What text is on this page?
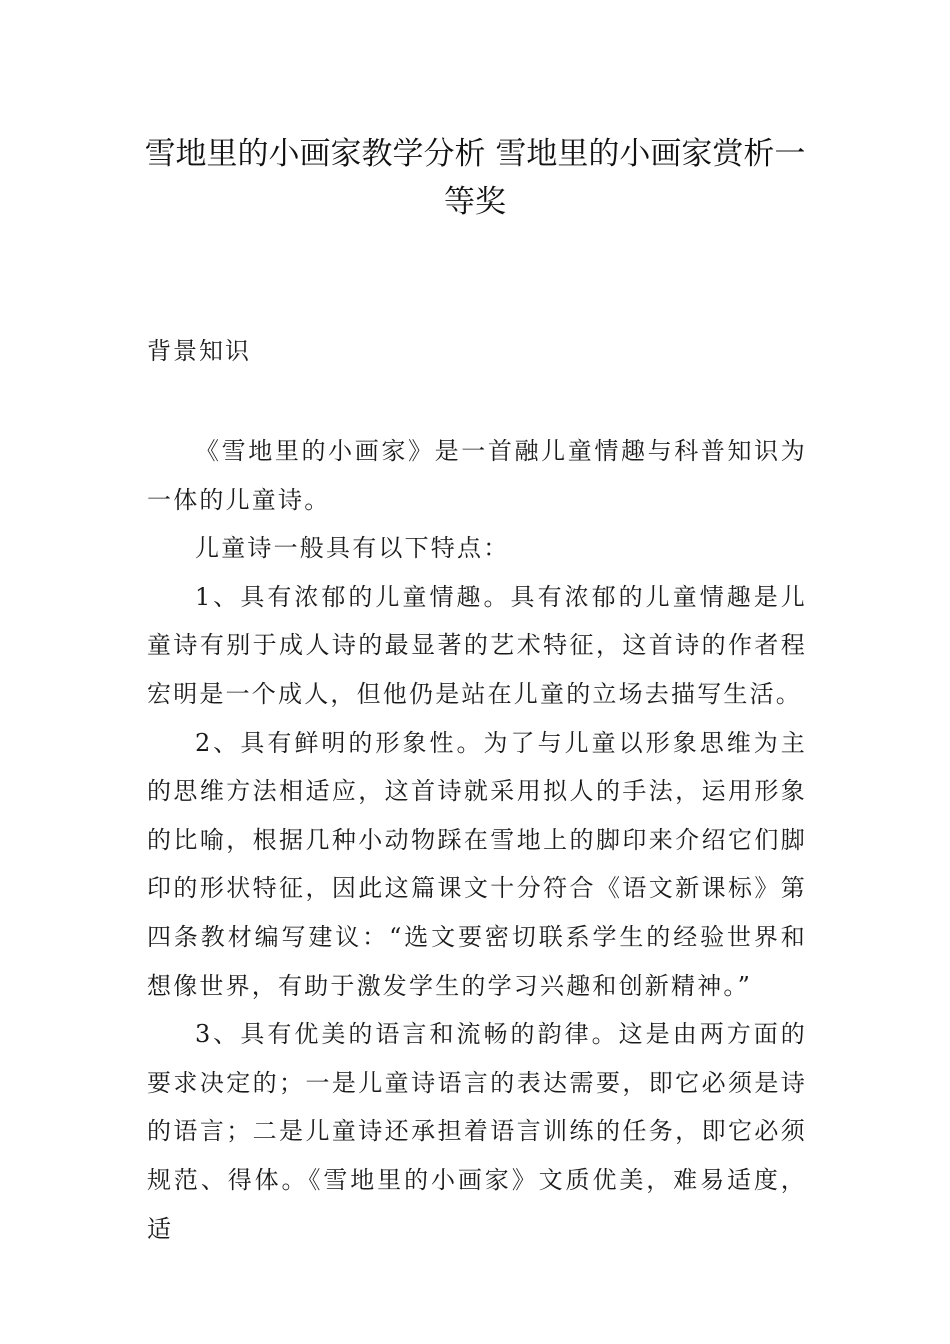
雪地里的小画家教学分析 雪地里的小画家赏析一等奖
背景知识

《雪地里的小画家》是一首融儿童情趣与科普知识为一体的儿童诗。

儿童诗一般具有以下特点：

1、具有浓郁的儿童情趣。具有浓郁的儿童情趣是儿童诗有别于成人诗的最显著的艺术特征，这首诗的作者程宏明是一个成人，但他仍是站在儿童的立场去描写生活。

2、具有鲜明的形象性。为了与儿童以形象思维为主的思维方法相适应，这首诗就采用拟人的手法，运用形象的比喻，根据几种小动物踩在雪地上的脚印来介绍它们脚印的形状特征，因此这篇课文十分符合《语文新课标》第四条教材编写建议：“选文要密切联系学生的经验世界和想像世界，有助于激发学生的学习兴趣和创新精神。”

3、具有优美的语言和流畅的韵律。这是由两方面的要求决定的；一是儿童诗语言的表达需要，即它必须是诗的语言；二是儿童诗还承担着语言训练的任务，即它必须规范、得体。《雪地里的小画家》文质优美，难易适度，适
